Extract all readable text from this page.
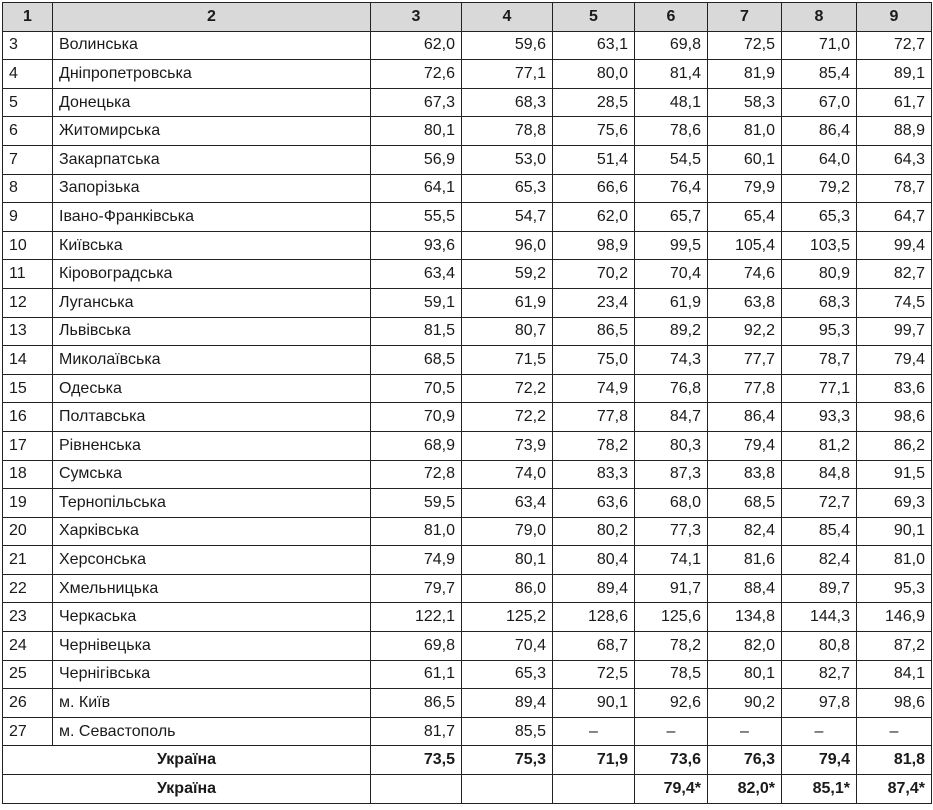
1	2	3	4	5	6	7	8	9
3	Волинська	62,0	59,6	63,1	69,8	72,5	71,0	72,7
4	Дніпропетровська	72,6	77,1	80,0	81,4	81,9	85,4	89,1
5	Донецька	67,3	68,3	28,5	48,1	58,3	67,0	61,7
6	Житомирська	80,1	78,8	75,6	78,6	81,0	86,4	88,9
7	Закарпатська	56,9	53,0	51,4	54,5	60,1	64,0	64,3
8	Запорізька	64,1	65,3	66,6	76,4	79,9	79,2	78,7
9	Івано-Франківська	55,5	54,7	62,0	65,7	65,4	65,3	64,7
10	Київська	93,6	96,0	98,9	99,5	105,4	103,5	99,4
11	Кіровоградська	63,4	59,2	70,2	70,4	74,6	80,9	82,7
12	Луганська	59,1	61,9	23,4	61,9	63,8	68,3	74,5
13	Львівська	81,5	80,7	86,5	89,2	92,2	95,3	99,7
14	Миколаївська	68,5	71,5	75,0	74,3	77,7	78,7	79,4
15	Одеська	70,5	72,2	74,9	76,8	77,8	77,1	83,6
16	Полтавська	70,9	72,2	77,8	84,7	86,4	93,3	98,6
17	Рівненська	68,9	73,9	78,2	80,3	79,4	81,2	86,2
18	Сумська	72,8	74,0	83,3	87,3	83,8	84,8	91,5
19	Тернопільська	59,5	63,4	63,6	68,0	68,5	72,7	69,3
20	Харківська	81,0	79,0	80,2	77,3	82,4	85,4	90,1
21	Херсонська	74,9	80,1	80,4	74,1	81,6	82,4	81,0
22	Хмельницька	79,7	86,0	89,4	91,7	88,4	89,7	95,3
23	Черкаська	122,1	125,2	128,6	125,6	134,8	144,3	146,9
24	Чернівецька	69,8	70,4	68,7	78,2	82,0	80,8	87,2
25	Чернігівська	61,1	65,3	72,5	78,5	80,1	82,7	84,1
26	м. Київ	86,5	89,4	90,1	92,6	90,2	97,8	98,6
27	м. Севастополь	81,7	85,5	–	–	–	–	–
Україна		73,5	75,3	71,9	73,6	76,3	79,4	81,8
Україна					79,4*	82,0*	85,1*	87,4*
